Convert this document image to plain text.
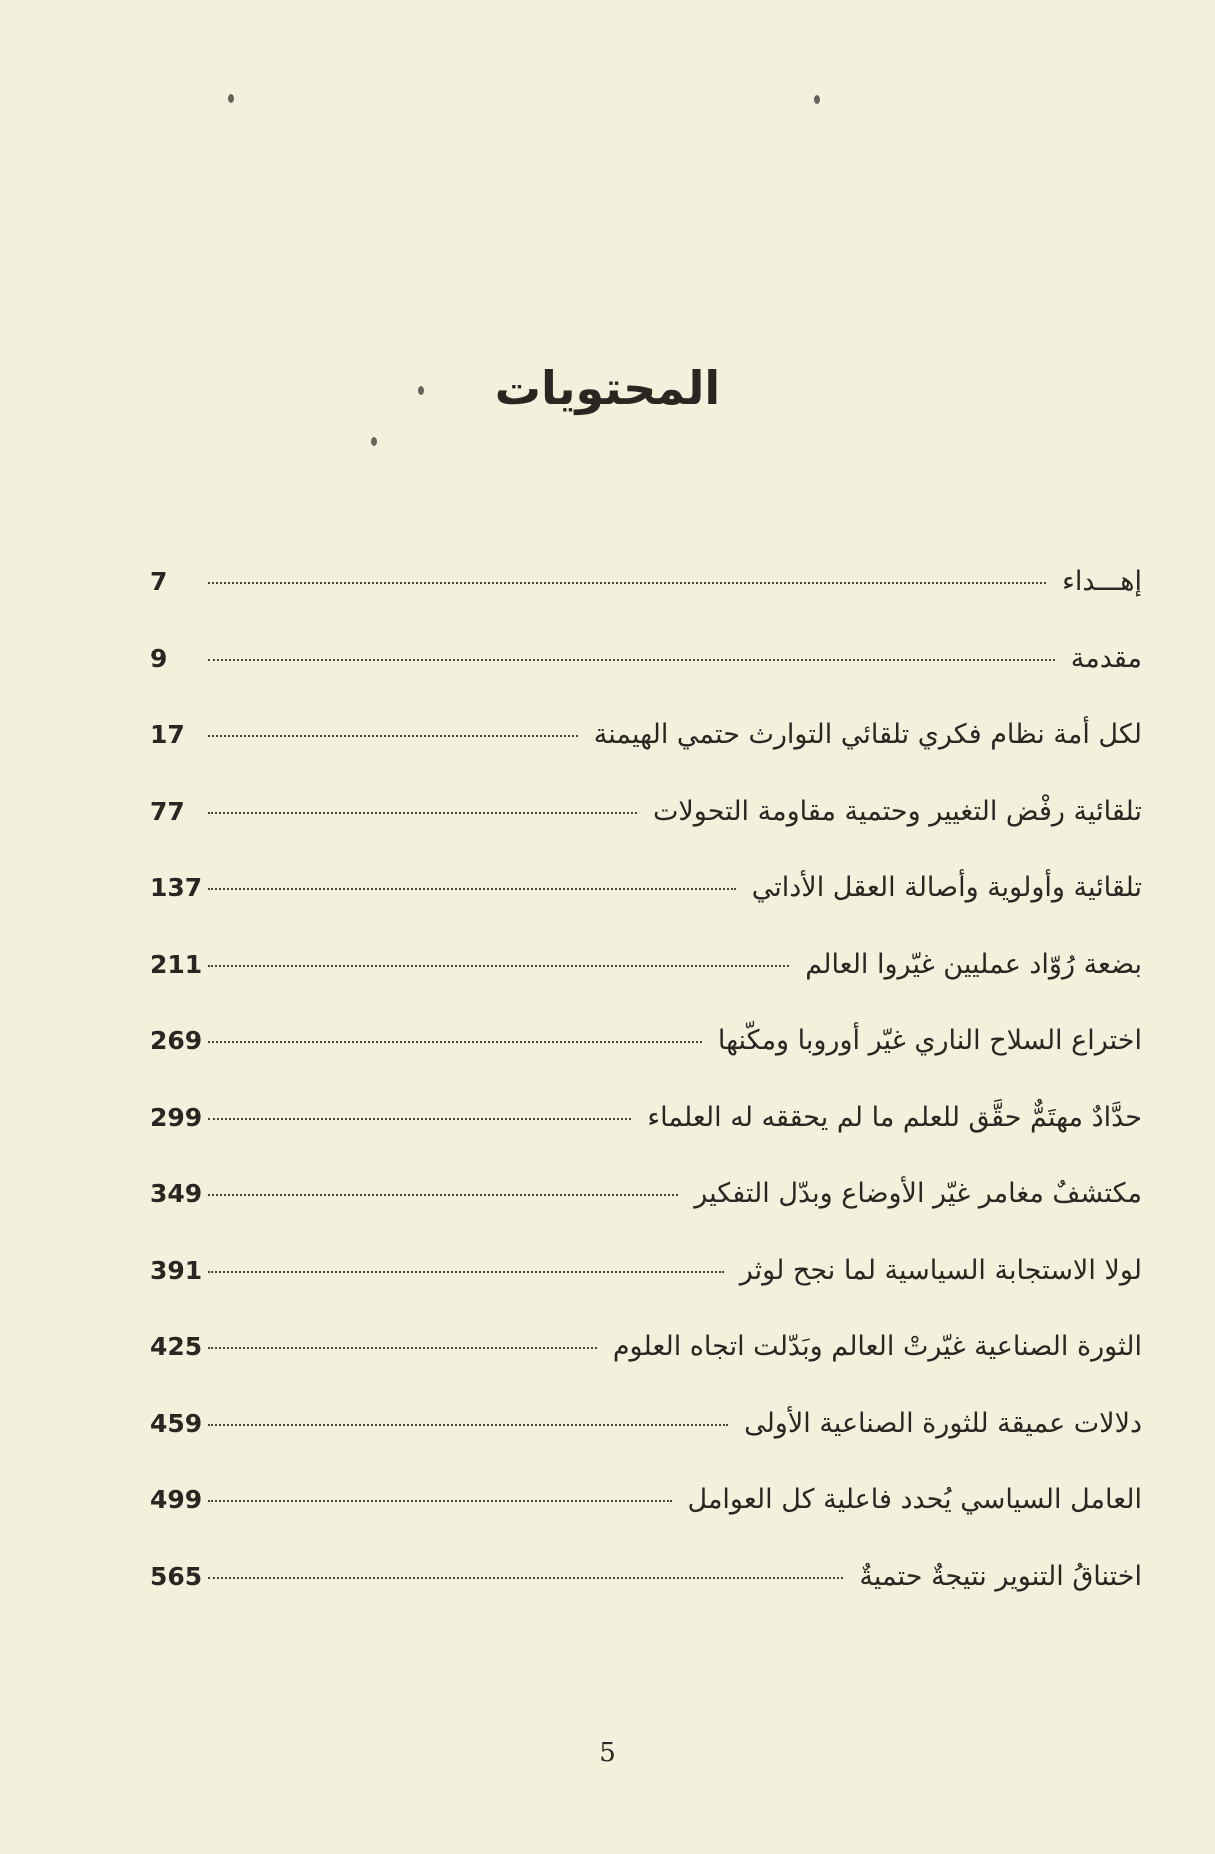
المحتويات
إهـــداء
7
مقدمة
9
لكل أمة نظام فكري تلقائي التوارث حتمي الهيمنة
17
تلقائية رفْض التغيير وحتمية مقاومة التحولات
77
تلقائية وأولوية وأصالة العقل الأداتي
137
بضعة رُوّاد عمليين غيّروا العالم
211
اختراع السلاح الناري غيّر أوروبا ومكّنها
269
حدَّادٌ مهتَمٌّ حقَّق للعلم ما لم يحققه له العلماء
299
مكتشفٌ مغامر غيّر الأوضاع وبدّل التفكير
349
لولا الاستجابة السياسية لما نجح لوثر
391
الثورة الصناعية غيّرتْ العالم وبَدّلت اتجاه العلوم
425
دلالات عميقة للثورة الصناعية الأولى
459
العامل السياسي يُحدد فاعلية كل العوامل
499
اختناقُ التنوير نتيجةٌ حتميةٌ
565
5
